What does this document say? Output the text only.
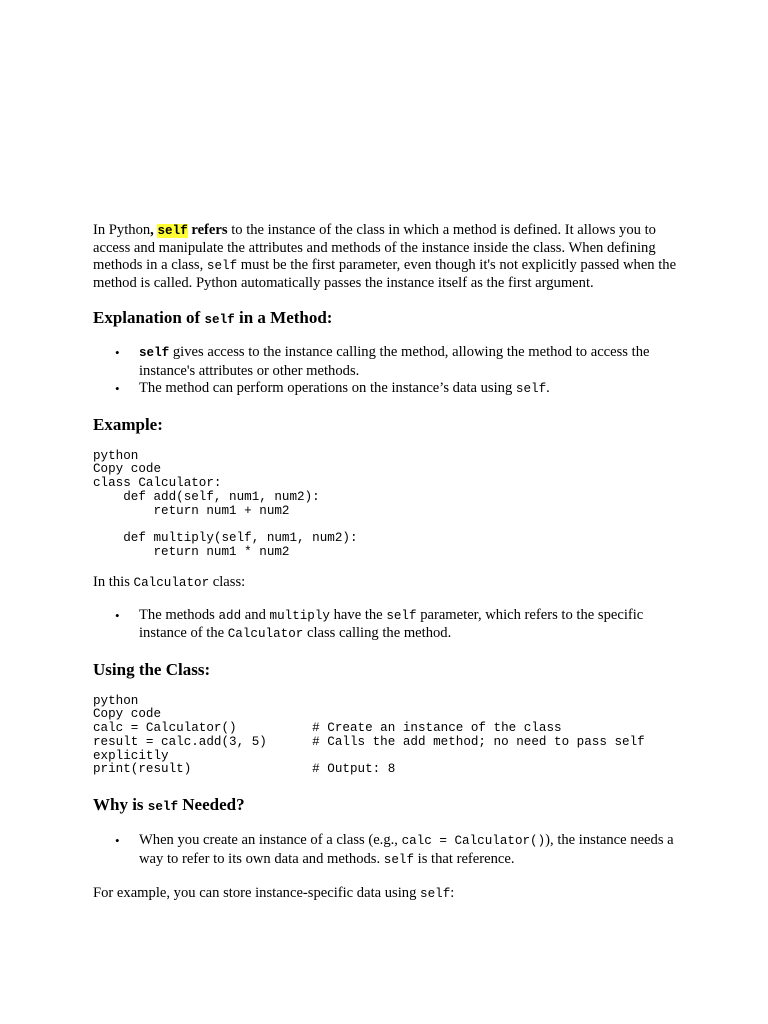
In Python, self refers to the instance of the class in which a method is defined. It allows you to access and manipulate the attributes and methods of the instance inside the class. When defining methods in a class, self must be the first parameter, even though it's not explicitly passed when the method is called. Python automatically passes the instance itself as the first argument.

Explanation of self in a Method:
• self gives access to the instance calling the method, allowing the method to access the instance's attributes or other methods.
• The method can perform operations on the instance’s data using self.
Example:
python
Copy code
class Calculator:
def add(self, num1, num2):
return num1 + num2

def multiply(self, num1, num2):
return num1 * num2

In this Calculator class:

• The methods add and multiply have the self parameter, which refers to the specific instance of the Calculator class calling the method.
Using the Class:
python
Copy code
calc = Calculator()          # Create an instance of the class
result = calc.add(3, 5)      # Calls the add method; no need to pass self
explicitly
print(result)                # Output: 8
Why is self Needed?
• When you create an instance of a class (e.g., calc = Calculator()), the instance needs a way to refer to its own data and methods. self is that reference.

For example, you can store instance-specific data using self:
